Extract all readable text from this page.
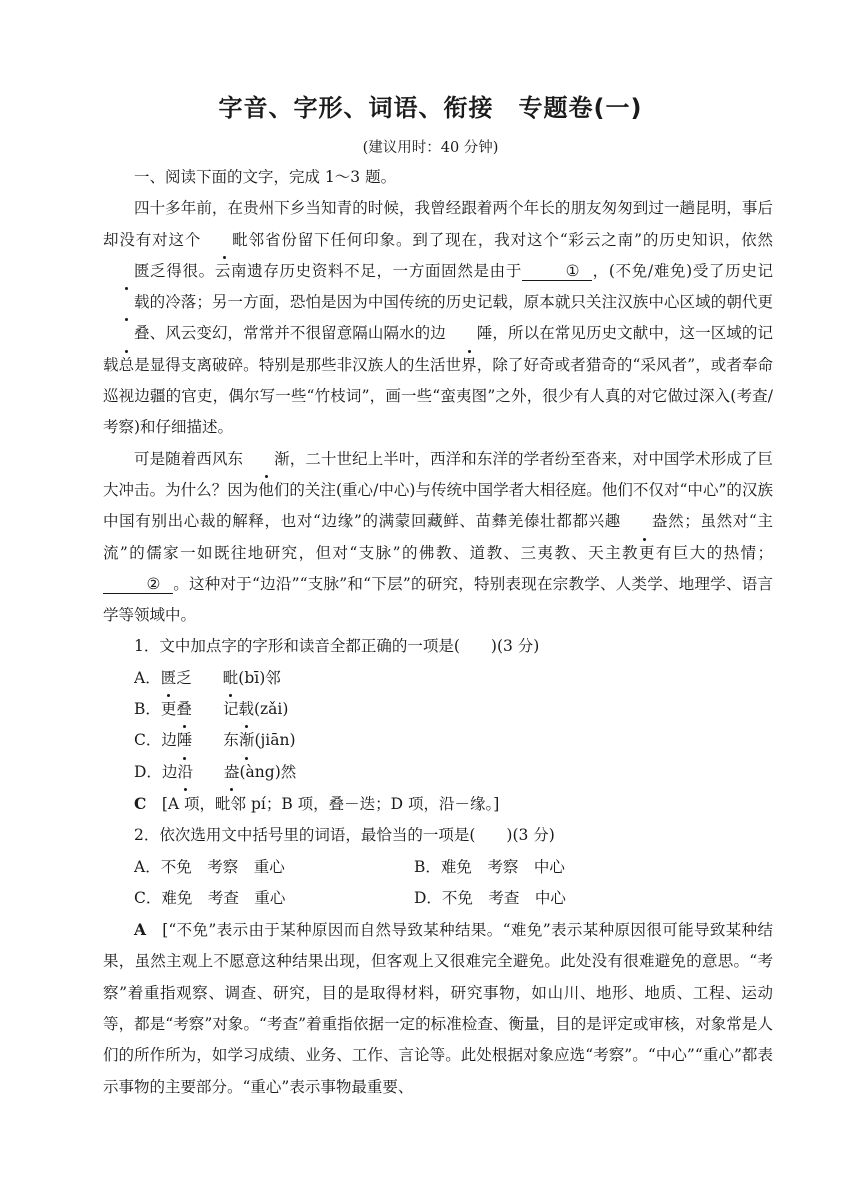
字音、字形、词语、衔接　专题卷(一)

(建议用时：40 分钟)

一、阅读下面的文字，完成 1～3 题。

四十多年前，在贵州下乡当知青的时候，我曾经跟着两个年长的朋友匆匆到过一趟昆明，事后却没有对这个 毗邻省份留下任何印象。到了现在，我对这个“彩云之南”的历史知识，依然匮乏得很。云南遗存历史资料不足，一方面固然是由于	① ，(不免/难免)受了历史记载的冷落；另一方面，恐怕是因为中国传统的历史记载，原本就只关注汉族中心区域的朝代更叠、风云变幻，常常并不很留意隔山隔水的边 陲，所以在常见历史文献中，这一区域的记载总是显得支离破碎。特别是那些非汉族人的生活世界，除了好奇或者猎奇的“采风者”，或者奉命巡视边疆的官吏，偶尔写一些“竹枝词”，画一些“蛮夷图”之外，很少有人真的对它做过深入(考查/考察)和仔细描述。

可是随着西风东 渐，二十世纪上半叶，西洋和东洋的学者纷至沓来，对中国学术形成了巨大冲击。为什么？因为他们的关注(重心/中心)与传统中国学者大相径庭。他们不仅对“中心”的汉族中国有别出心裁的解释，也对“边缘”的满蒙回藏鲜、苗彝羌傣壮都都兴趣 盎然；虽然对“主流”的儒家一如既往地研究，但对“支脉”的佛教、道教、三夷教、天主教更有巨大的热情；② 。这种对于“边沿”“支脉”和“下层”的研究，特别表现在宗教学、人类学、地理学、语言学等领域中。

1．文中加点字的字形和读音全都正确的一项是(　　)(3 分)

A．匮乏　　 毗(bī)邻

B．更叠　　 记载(zǎi)

C．边陲　　 东渐(jiān)

D．边沿　　 盎(àng)然

C　[A 项，毗邻 pí；B 项，叠－迭；D 项，沿－缘。]

2．依次选用文中括号里的词语，最恰当的一项是(　　)(3 分)

A．不免　考察　重心	B．难免　考察　中心
C．难免　考查　重心	D．不免　考查　中心

A　[“不免”表示由于某种原因而自然导致某种结果。“难免”表示某种原因很可能导致某种结果，虽然主观上不愿意这种结果出现，但客观上又很难完全避免。此处没有很难避免的意思。“考察”着重指观察、调查、研究，目的是取得材料，研究事物，如山川、地形、地质、工程、运动等，都是“考察”对象。“考查”着重指依据一定的标准检查、衡量，目的是评定或审核，对象常是人们的所作所为，如学习成绩、业务、工作、言论等。此处根据对象应选“考察”。“中心”“重心”都表示事物的主要部分。“重心”表示事物最重要、
